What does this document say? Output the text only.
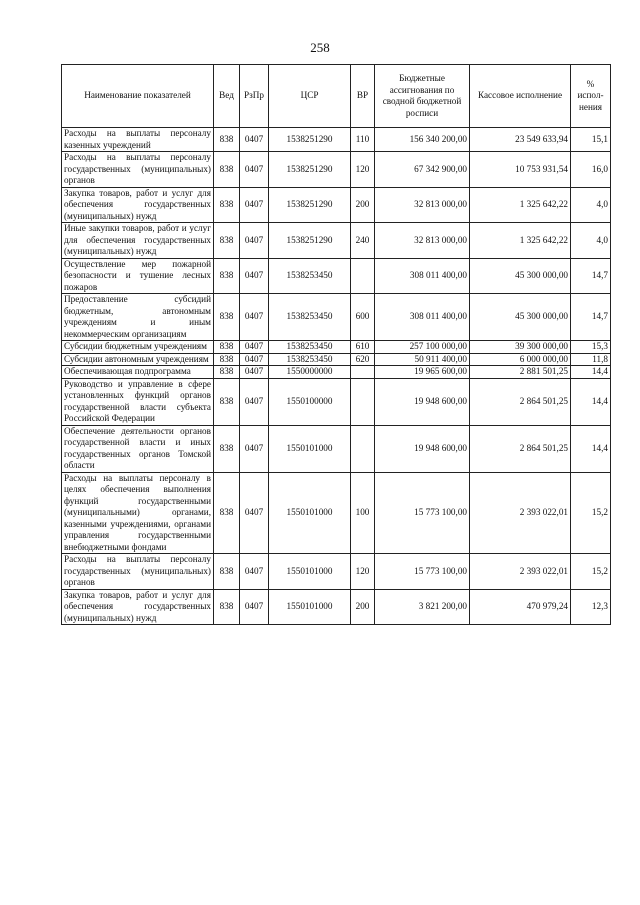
258
Наименование показателей	Вед	РзПр	ЦСР	ВР	Бюджетные ассигнования по сводной бюджетной росписи	Кассовое исполнение	% испол-нения
Расходы на выплаты персоналу казенных учреждений	838	0407	1538251290	110	156 340 200,00	23 549 633,94	15,1
Расходы на выплаты персоналу государственных (муниципальных) органов	838	0407	1538251290	120	67 342 900,00	10 753 931,54	16,0
Закупка товаров, работ и услуг для обеспечения государственных (муниципальных) нужд	838	0407	1538251290	200	32 813 000,00	1 325 642,22	4,0
Иные закупки товаров, работ и услуг для обеспечения государственных (муниципальных) нужд	838	0407	1538251290	240	32 813 000,00	1 325 642,22	4,0
Осуществление мер пожарной безопасности и тушение лесных пожаров	838	0407	1538253450		308 011 400,00	45 300 000,00	14,7
Предоставление субсидий бюджетным, автономным учреждениям и иным некоммерческим организациям	838	0407	1538253450	600	308 011 400,00	45 300 000,00	14,7
Субсидии бюджетным учреждениям	838	0407	1538253450	610	257 100 000,00	39 300 000,00	15,3
Субсидии автономным учреждениям	838	0407	1538253450	620	50 911 400,00	6 000 000,00	11,8
Обеспечивающая подпрограмма	838	0407	1550000000		19 965 600,00	2 881 501,25	14,4
Руководство и управление в сфере установленных функций органов государственной власти субъекта Российской Федерации	838	0407	1550100000		19 948 600,00	2 864 501,25	14,4
Обеспечение деятельности органов государственной власти и иных государственных органов Томской области	838	0407	1550101000		19 948 600,00	2 864 501,25	14,4
Расходы на выплаты персоналу в целях обеспечения выполнения функций государственными (муниципальными) органами, казенными учреждениями, органами управления государственными внебюджетными фондами	838	0407	1550101000	100	15 773 100,00	2 393 022,01	15,2
Расходы на выплаты персоналу государственных (муниципальных) органов	838	0407	1550101000	120	15 773 100,00	2 393 022,01	15,2
Закупка товаров, работ и услуг для обеспечения государственных (муниципальных) нужд	838	0407	1550101000	200	3 821 200,00	470 979,24	12,3
